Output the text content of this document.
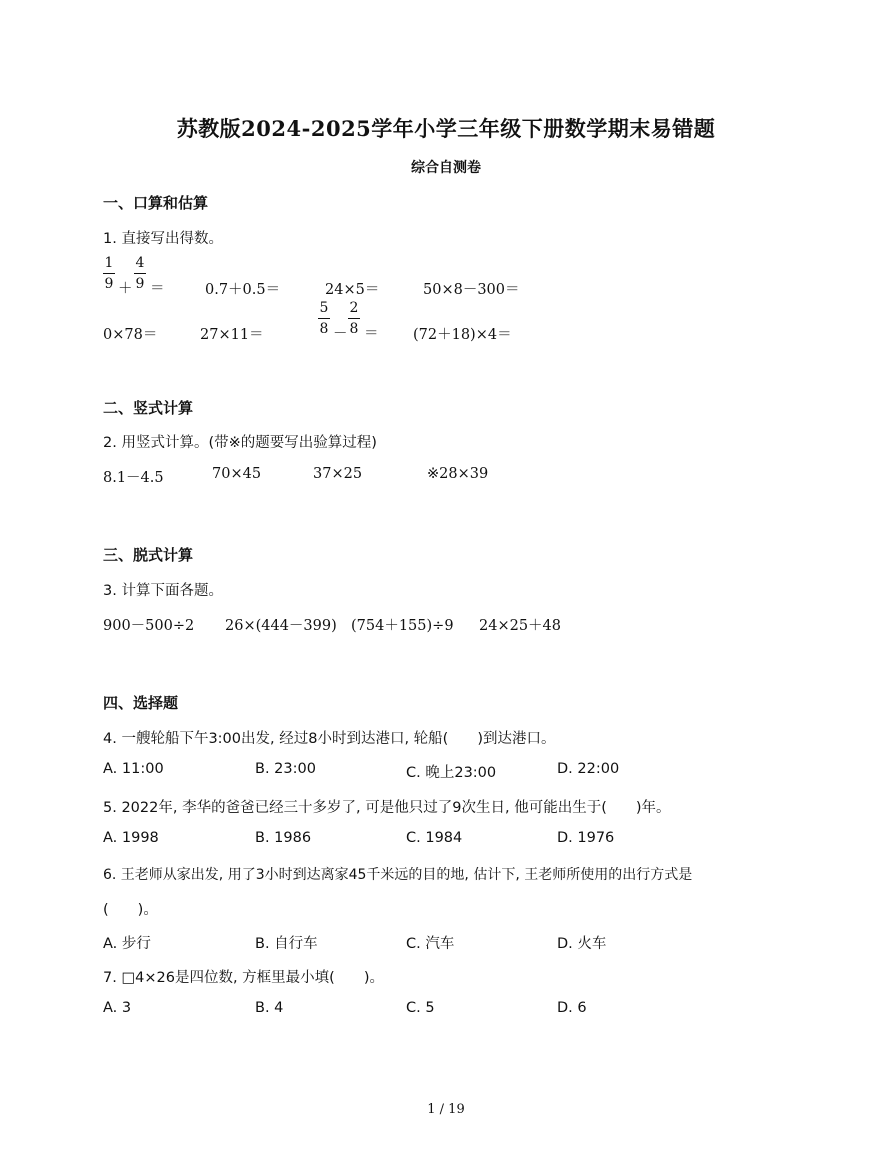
苏教版2024-2025学年小学三年级下册数学期末易错题
综合自测卷
一、口算和估算
1. 直接写出得数。
1
9 ＋
4
9 ＝	0.7＋0.5＝	24×5＝	50×8－300＝
0×78＝	27×11＝
5
8 －
2
8 ＝ (72＋18)×4＝
二、竖式计算
2. 用竖式计算。(带※的题要写出验算过程)
8.1－4.5	70×45	37×25	※28×39
三、脱式计算
3. 计算下面各题。
900－500÷2 26×(444－399) (754＋155)÷9 24×25＋48
四、选择题
4. 一艘轮船下午3:00出发, 经过8小时到达港口, 轮船(　　)到达港口。
A. 11:00	B. 23:00	C. 晚上23:00	D. 22:00
5. 2022年, 李华的爸爸已经三十多岁了, 可是他只过了9次生日, 他可能出生于(　　)年。
A. 1998	B. 1986	C. 1984	D. 1976
6. 王老师从家出发, 用了3小时到达离家45千米远的目的地, 估计下, 王老师所使用的出行方式是
(　　)。
A. 步行	B. 自行车	C. 汽车	D. 火车
7. □4×26是四位数, 方框里最小填(　　)。
A. 3	B. 4	C. 5	D. 6
1 / 19
